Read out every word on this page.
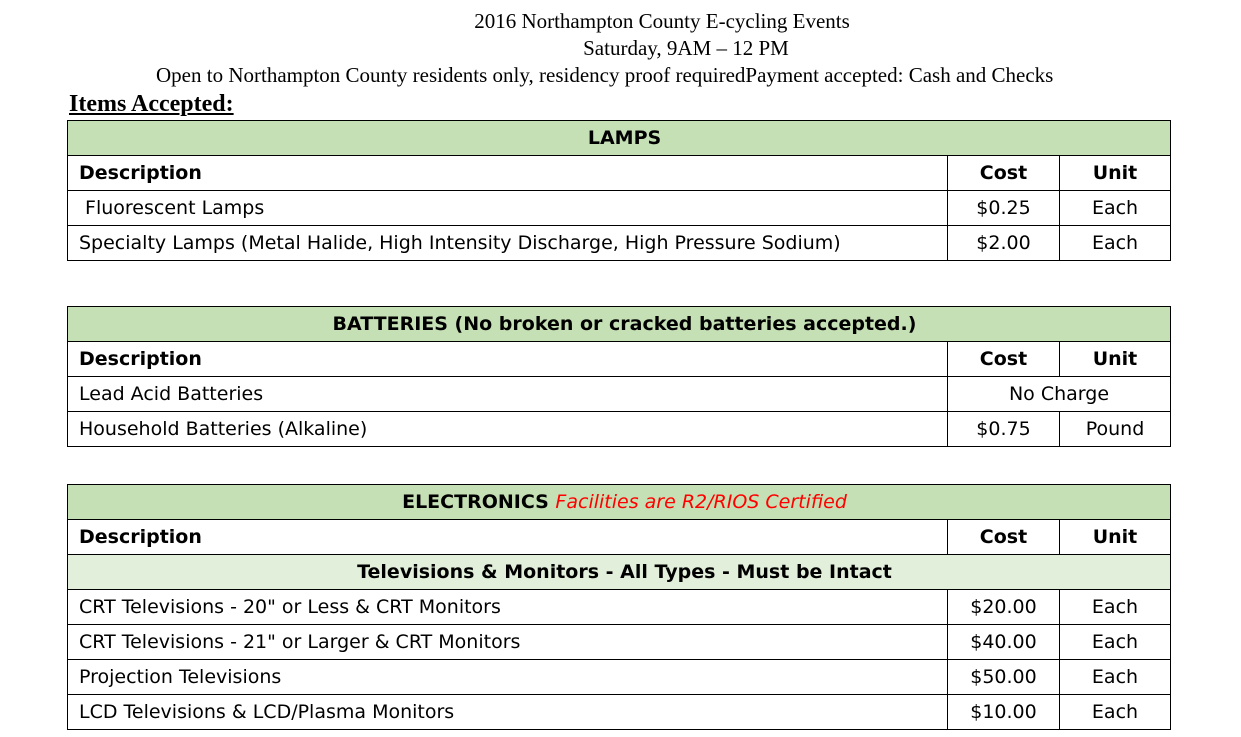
2016 Northampton County E-cycling Events
Saturday, 9AM – 12 PM
Open to Northampton County residents only, residency proof requiredPayment accepted: Cash and Checks
Items Accepted:
LAMPS		
Description	Cost	Unit
Fluorescent Lamps	$0.25	Each
Specialty Lamps (Metal Halide, High Intensity Discharge, High Pressure Sodium)	$2.00	Each
BATTERIES (No broken or cracked batteries accepted.)		
Description	Cost	Unit
Lead Acid Batteries	No Charge	
Household Batteries (Alkaline)	$0.75	Pound
ELECTRONICS Facilities are R2/RIOS Certified		
Description	Cost	Unit
Televisions & Monitors - All Types - Must be Intact		
CRT Televisions - 20" or Less & CRT Monitors	$20.00	Each
CRT Televisions - 21" or Larger & CRT Monitors	$40.00	Each
Projection Televisions	$50.00	Each
LCD Televisions & LCD/Plasma Monitors	$10.00	Each
